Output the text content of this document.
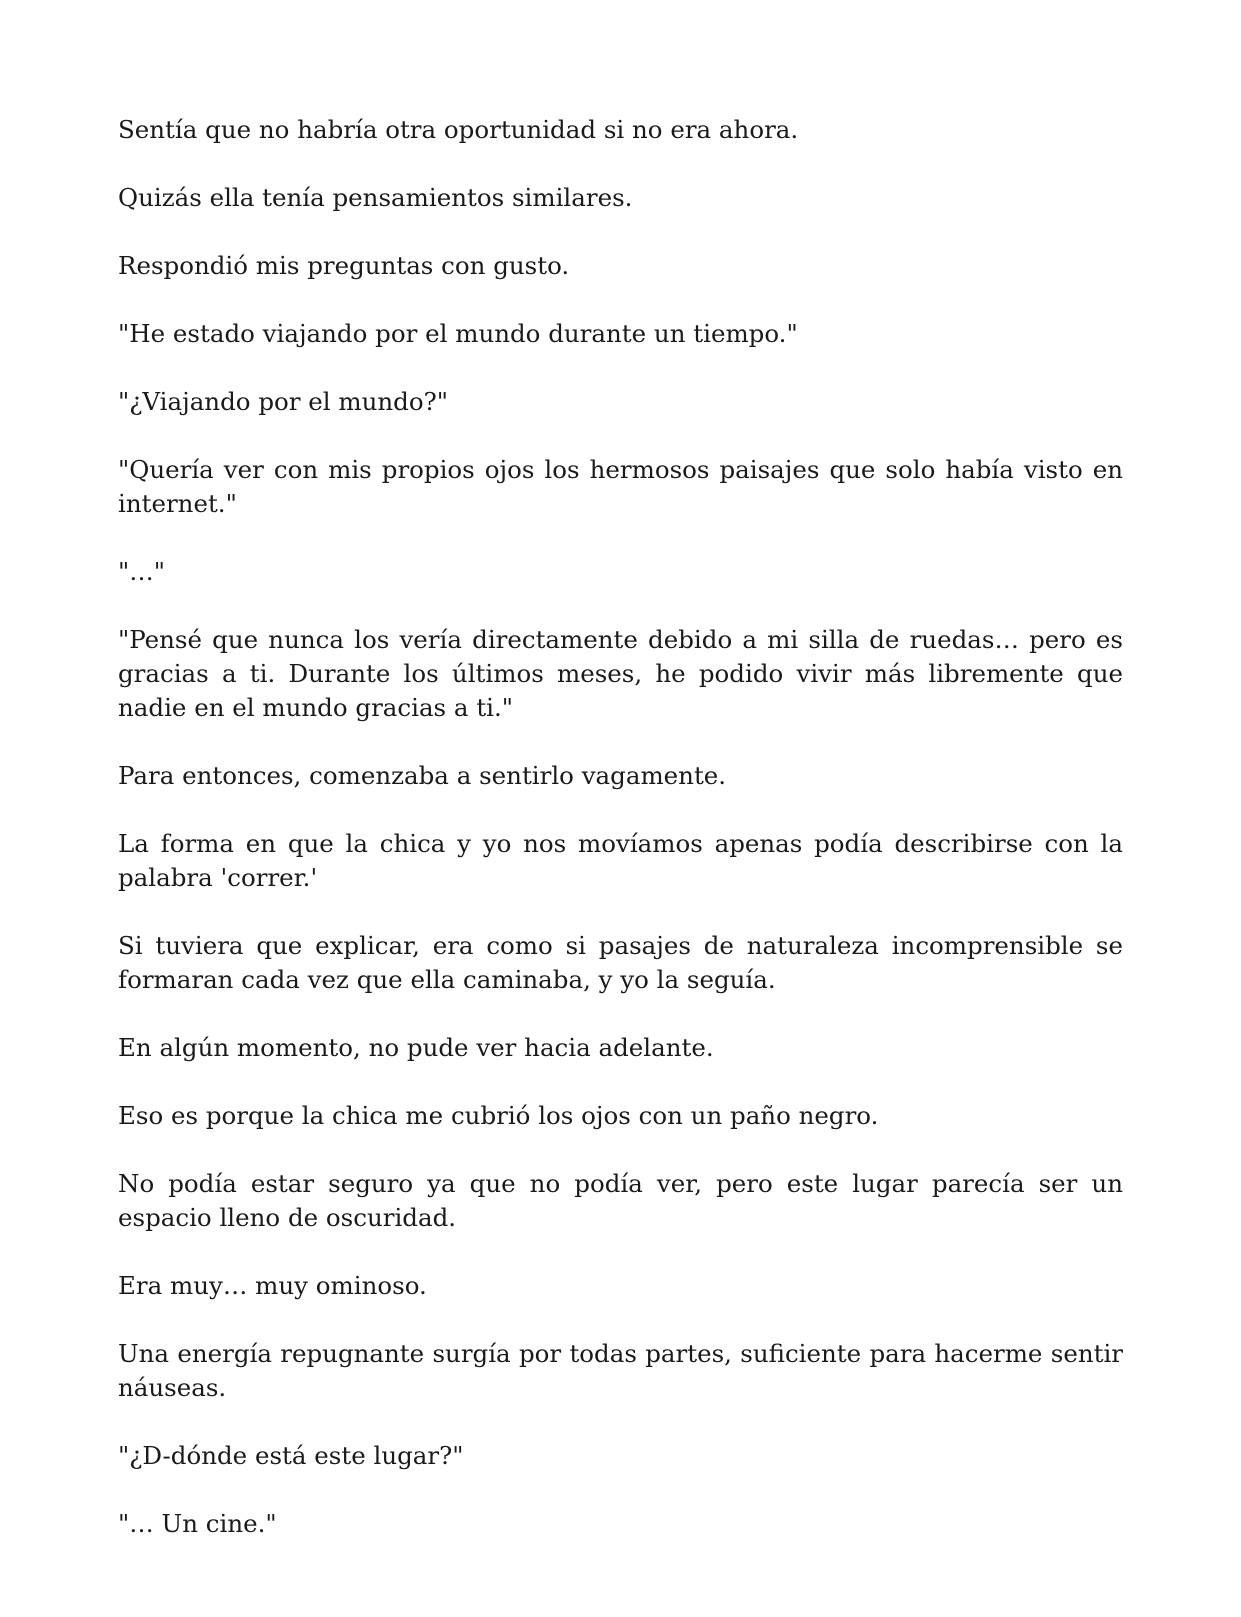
Sentía que no habría otra oportunidad si no era ahora.

Quizás ella tenía pensamientos similares.

Respondió mis preguntas con gusto.

"He estado viajando por el mundo durante un tiempo."

"¿Viajando por el mundo?"

"Quería ver con mis propios ojos los hermosos paisajes que solo había visto en internet."

"…"

"Pensé que nunca los vería directamente debido a mi silla de ruedas… pero es gracias a ti. Durante los últimos meses, he podido vivir más libremente que nadie en el mundo gracias a ti."

Para entonces, comenzaba a sentirlo vagamente.

La forma en que la chica y yo nos movíamos apenas podía describirse con la palabra 'correr.'

Si tuviera que explicar, era como si pasajes de naturaleza incomprensible se formaran cada vez que ella caminaba, y yo la seguía.

En algún momento, no pude ver hacia adelante.

Eso es porque la chica me cubrió los ojos con un paño negro.

No podía estar seguro ya que no podía ver, pero este lugar parecía ser un espacio lleno de oscuridad.

Era muy… muy ominoso.

Una energía repugnante surgía por todas partes, suficiente para hacerme sentir náuseas.

"¿D-dónde está este lugar?"

"… Un cine."
